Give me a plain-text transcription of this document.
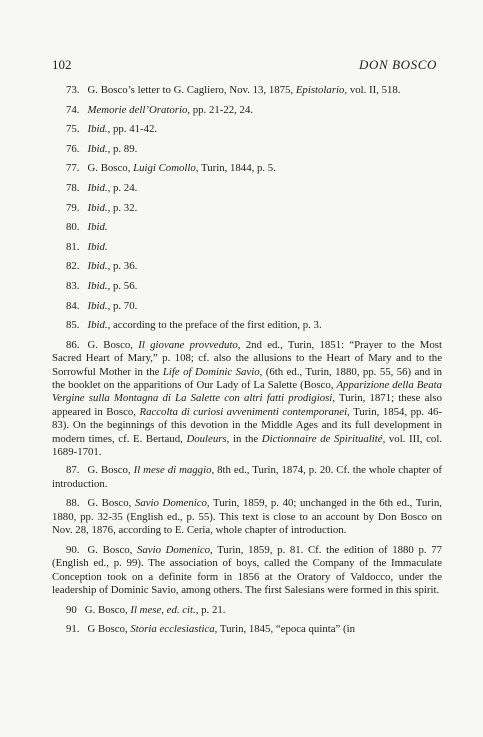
102	DON BOSCO

73. G. Bosco’s letter to G. Cagliero, Nov. 13, 1875, Epistolario, vol. II, 518.

74. Memorie dell’Oratorio, pp. 21-22, 24.

75. Ibid., pp. 41-42.

76. Ibid., p. 89.

77. G. Bosco, Luigi Comollo, Turin, 1844, p. 5.

78. Ibid., p. 24.

79. Ibid., p. 32.

80. Ibid.

81. Ibid.

82. Ibid., p. 36.

83. Ibid., p. 56.

84. Ibid., p. 70.

85. Ibid., according to the preface of the first edition, p. 3.

86. G. Bosco, Il giovane provveduto, 2nd ed., Turin, 1851: “Prayer to the Most Sacred Heart of Mary,” p. 108; cf. also the allusions to the Heart of Mary and to the Sorrowful Mother in the Life of Dominic Savio, (6th ed., Turin, 1880, pp. 55, 56) and in the booklet on the apparitions of Our Lady of La Salette (Bosco, Apparizione della Beata Vergine sulla Montagna di La Salette con altri fatti prodigiosi, Turin, 1871; these also appeared in Bosco, Raccolta di curiosi avvenimenti contemporanei, Turin, 1854, pp. 46-83). On the beginnings of this devotion in the Middle Ages and its full development in modern times, cf. E. Bertaud, Douleurs, in the Dictionnaire de Spiritualité, vol. III, col. 1689-1701.

87. G. Bosco, Il mese di maggio, 8th ed., Turin, 1874, p. 20. Cf. the whole chapter of introduction.

88. G. Bosco, Savio Domenico, Turin, 1859, p. 40; unchanged in the 6th ed., Turin, 1880, pp. 32-35 (English ed., p. 55). This text is close to an account by Don Bosco on Nov. 28, 1876, according to E. Ceria, whole chapter of introduction.

90. G. Bosco, Savio Domenico, Turin, 1859, p. 81. Cf. the edition of 1880 p. 77 (English ed., p. 99). The association of boys, called the Company of the Immaculate Conception took on a definite form in 1856 at the Oratory of Valdocco, under the leadership of Dominic Savio, among others. The first Salesians were formed in this spirit.

90 G. Bosco, Il mese, ed. cit., p. 21.

91. G Bosco, Storia ecclesiastica, Turin, 1845, “epoca quinta” (in
